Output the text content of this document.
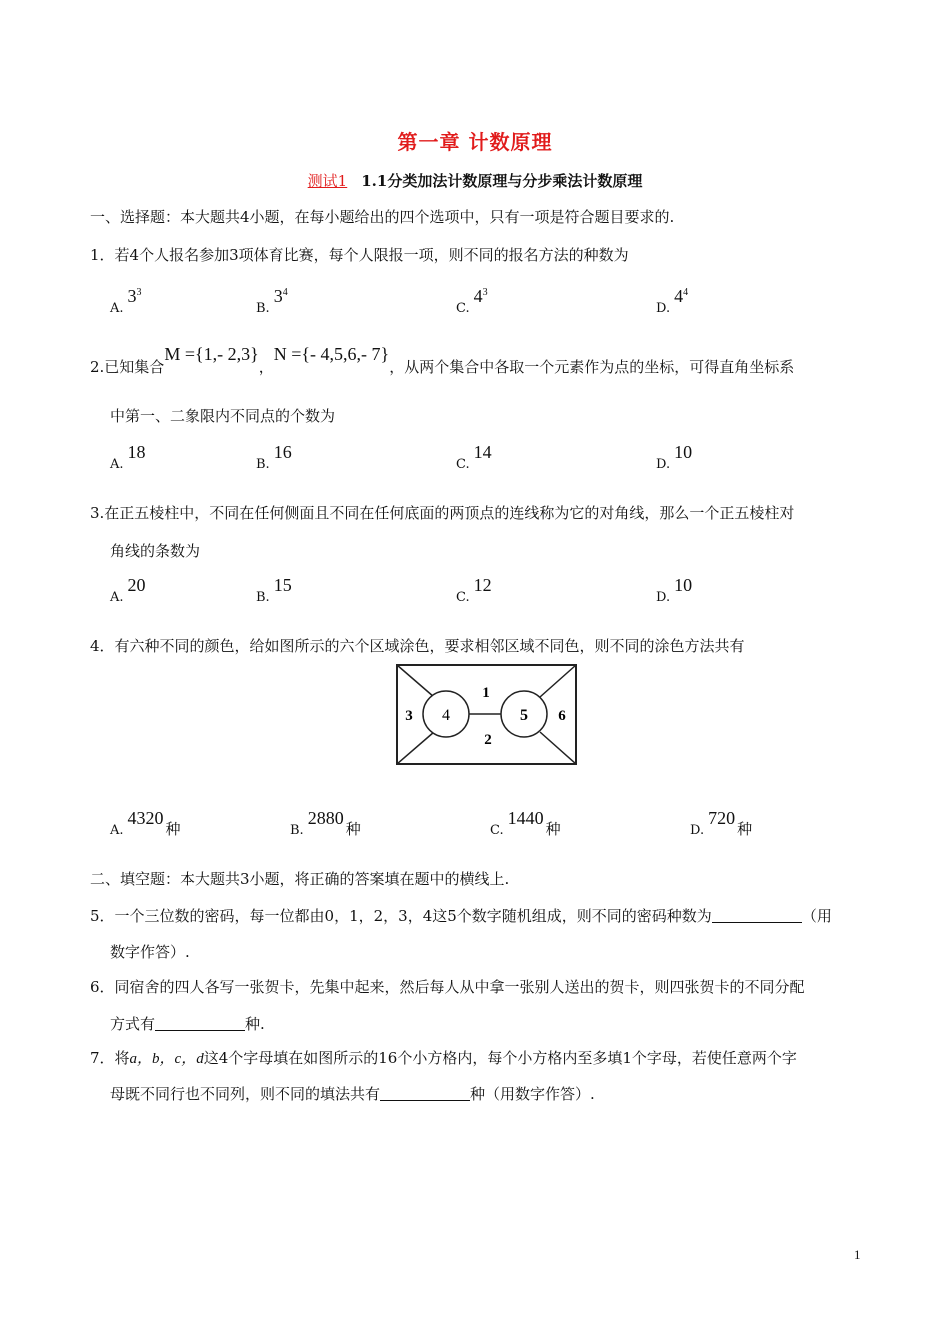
第一章 计数原理
测试1 1.1分类加法计数原理与分步乘法计数原理
一、选择题：本大题共4小题，在每小题给出的四个选项中，只有一项是符合题目要求的.
1．若4个人报名参加3项体育比赛，每个人限报一项，则不同的报名方法的种数为
$A.3^3$
$B.3^4$
$C.4^3$
$D.4^4$
2.已知集合M ={1,- 2,3}，N ={- 4,5,6,- 7}，从两个集合中各取一个元素作为点的坐标，可得直角坐标系
中第一、二象限内不同点的个数为
A.18
B.16
C.14
D.10
3.在正五棱柱中，不同在任何侧面且不同在任何底面的两顶点的连线称为它的对角线，那么一个正五棱柱对
角线的条数为
A.20
B.15
C.12
D.10
4．有六种不同的颜色，给如图所示的六个区域涂色，要求相邻区域不同色，则不同的涂色方法共有
1
2
3 4	5 6
A.4320种	B.2880种	C.1440种	D.720种
二、填空题：本大题共3小题，将正确的答案填在题中的横线上.
5．一个三位数的密码，每一位都由0，1，2，3，4这5个数字随机组成，则不同的密码种数为	（用
数字作答）.
6．同宿舍的四人各写一张贺卡，先集中起来，然后每人从中拿一张别人送出的贺卡，则四张贺卡的不同分配
方式有	种.
7．将a，b，c，d这4个字母填在如图所示的16个小方格内，每个小方格内至多填1个字母，若使任意两个字
母既不同行也不同列，则不同的填法共有	种（用数字作答）.
1
